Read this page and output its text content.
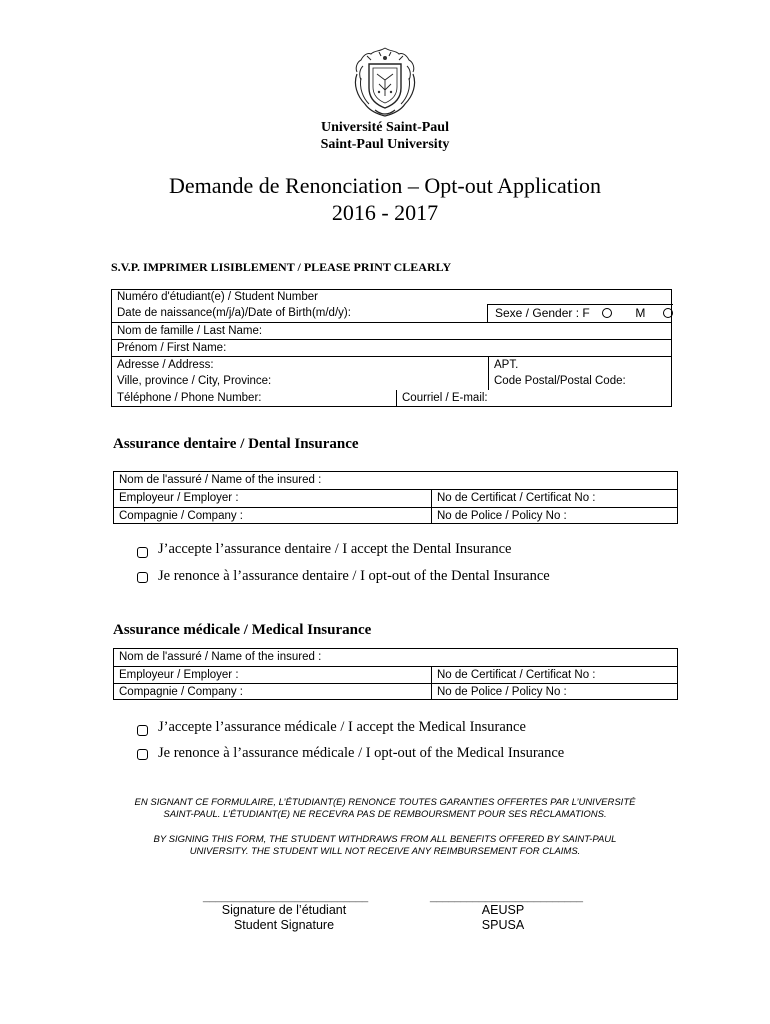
Université Saint-Paul
Saint-Paul University
Demande de Renonciation – Opt-out Application
2016 - 2017
S.V.P. IMPRIMER LISIBLEMENT / PLEASE PRINT CLEARLY
Numéro d'étudiant(e) / Student Number
Date de naissance(m/j/a)/Date of Birth(m/d/y):	Sexe / Gender : F	M
Nom de famille / Last Name:
Prénom / First Name:
Adresse / Address:	APT.
Ville, province / City, Province:	Code Postal/Postal Code:
Téléphone / Phone Number:	Courriel / E-mail:
Assurance dentaire / Dental Insurance
Nom de l'assuré / Name of the insured :
Employeur / Employer :	No de Certificat / Certificat No :
Compagnie / Company :	No de Police / Policy No :
J’accepte l’assurance dentaire / I accept the Dental Insurance
Je renonce à l’assurance dentaire / I opt-out of the Dental Insurance
Assurance médicale / Medical Insurance
Nom de l'assuré / Name of the insured :
Employeur / Employer :	No de Certificat / Certificat No :
Compagnie / Company :	No de Police / Policy No :
J’accepte l’assurance médicale / I accept the Medical Insurance
Je renonce à l’assurance médicale / I opt-out of the Medical Insurance
EN SIGNANT CE FORMULAIRE, L’ÉTUDIANT(E) RENONCE TOUTES GARANTIES OFFERTES PAR L’UNIVERSITÉ
SAINT-PAUL. L’ÉTUDIANT(E) NE RECEVRA PAS DE REMBOURSMENT POUR SES RÉCLAMATIONS.
BY SIGNING THIS FORM, THE STUDENT WITHDRAWS FROM ALL BENEFITS OFFERED BY SAINT-PAUL
UNIVERSITY. THE STUDENT WILL NOT RECEIVE ANY REIMBURSEMENT FOR CLAIMS.
___________________________
Signature de l’étudiant
Student Signature
_________________________
AEUSP
SPUSA
